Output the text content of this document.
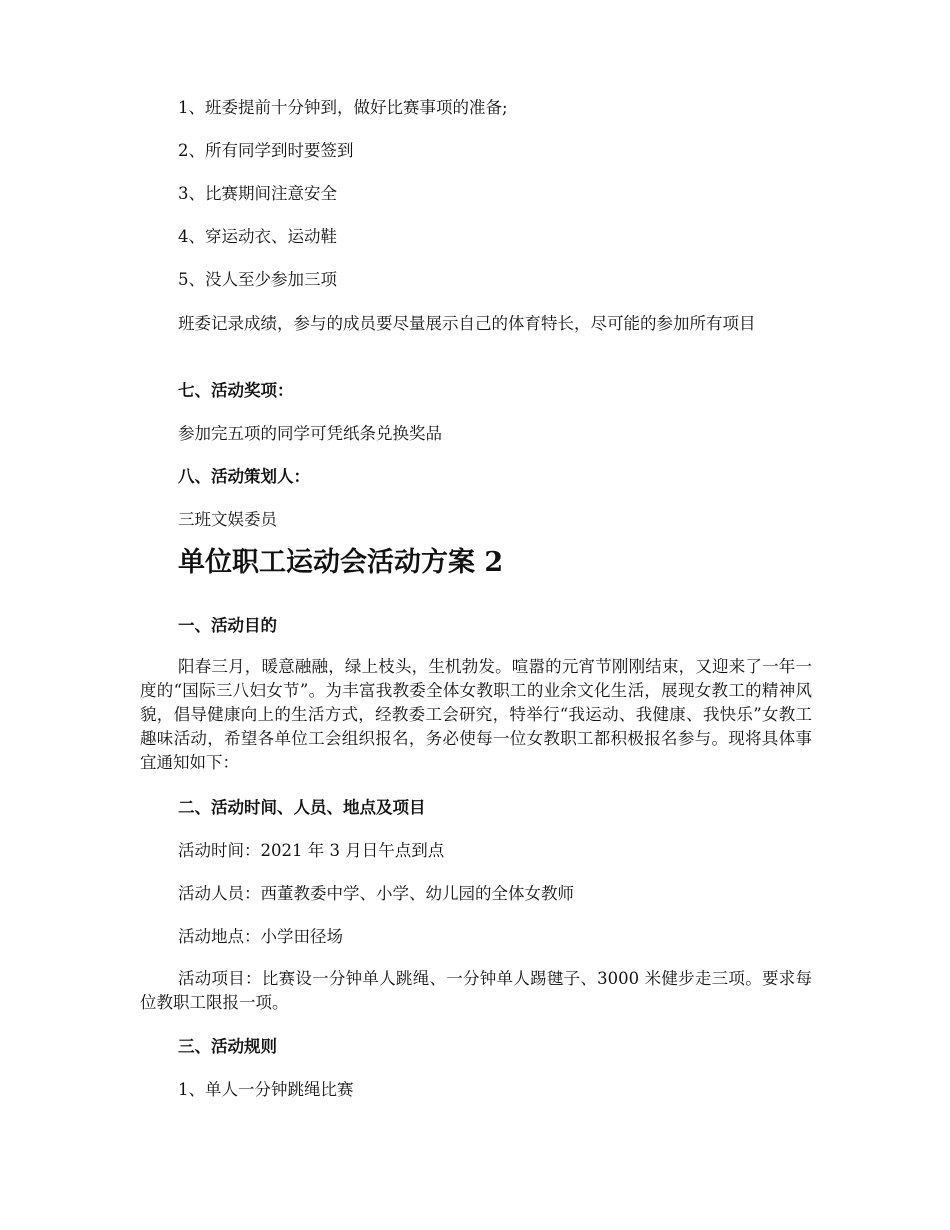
1、班委提前十分钟到，做好比赛事项的准备;
2、所有同学到时要签到
3、比赛期间注意安全
4、穿运动衣、运动鞋
5、没人至少参加三项
班委记录成绩，参与的成员要尽量展示自己的体育特长，尽可能的参加所有项目
七、活动奖项：
参加完五项的同学可凭纸条兑换奖品
八、活动策划人：
三班文娱委员
单位职工运动会活动方案 2
一、活动目的
阳春三月，暖意融融，绿上枝头，生机勃发。喧嚣的元宵节刚刚结束，又迎来了一年一度的“国际三八妇女节”。为丰富我教委全体女教职工的业余文化生活，展现女教工的精神风貌，倡导健康向上的生活方式，经教委工会研究，特举行“我运动、我健康、我快乐”女教工趣味活动，希望各单位工会组织报名，务必使每一位女教职工都积极报名参与。现将具体事宜通知如下：
二、活动时间、人员、地点及项目
活动时间：2021 年 3 月日午点到点
活动人员：西董教委中学、小学、幼儿园的全体女教师
活动地点：小学田径场
活动项目：比赛设一分钟单人跳绳、一分钟单人踢毽子、3000 米健步走三项。要求每位教职工限报一项。
三、活动规则
1、单人一分钟跳绳比赛
